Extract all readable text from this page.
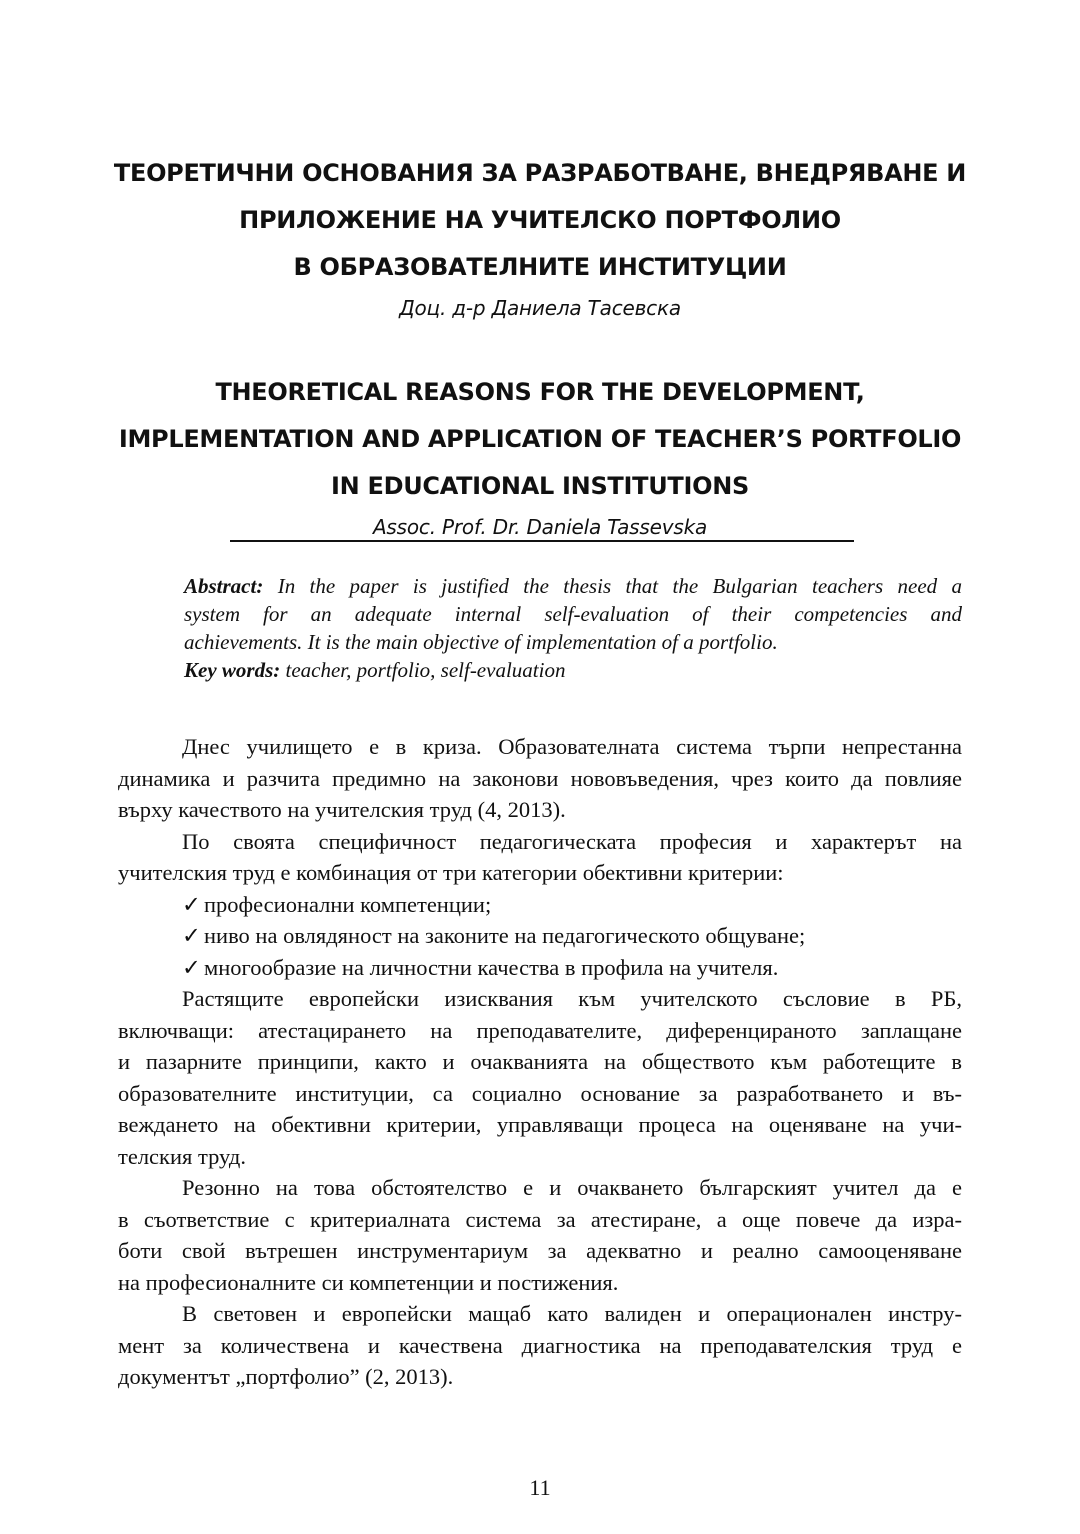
ТЕОРЕТИЧНИ ОСНОВАНИЯ ЗА РАЗРАБОТВАНЕ, ВНЕДРЯВАНЕ И
ПРИЛОЖЕНИЕ НА УЧИТЕЛСКО ПОРТФОЛИО
В ОБРАЗОВАТЕЛНИТЕ ИНСТИТУЦИИ
Доц. д-р Даниела Тасевска
THEORETICAL REASONS FOR THE DEVELOPMENT,
IMPLEMENTATION AND APPLICATION OF TEACHER’S PORTFOLIO
IN EDUCATIONAL INSTITUTIONS
Assoc. Prof. Dr. Daniela Tassevska
Abstract: In the paper is justified the thesis that the Bulgarian teachers need a
system for an adequate internal self-evaluation of their competencies and
achievements. It is the main objective of implementation of a portfolio.
Key words: teacher, portfolio, self-evaluation
Днес училището е в криза. Образователната система търпи непрестанна
динамика и разчита предимно на законови нововъведения, чрез които да повлияе
върху качеството на учителския труд (4, 2013).
По своята специфичност педагогическата професия и характерът на
учителския труд е комбинация от три категории обективни критерии:
✓ професионални компетенции;
✓ ниво на овлядяност на законите на педагогическото общуване;
✓ многообразие на личностни качества в профила на учителя.
Растящите европейски изисквания към учителското съсловие в РБ,
включващи: атестацирането на преподавателите, диференцираното заплащане
и пазарните принципи, както и очакванията на обществото към работещите в
образователните институции, са социално основание за разработването и въ-
веждането на обективни критерии, управляващи процеса на оценяване на учи-
телския труд.
Резонно на това обстоятелство е и очакването българският учител да е
в съответствие с критериалната система за атестиране, а още повече да изра-
боти свой вътрешен инструментариум за адекватно и реално самооценяване
на професионалните си компетенции и постижения.
В световен и европейски мащаб като валиден и операционален инстру-
мент за количествена и качествена диагностика на преподавателския труд е
документът „портфолио” (2, 2013).
11
